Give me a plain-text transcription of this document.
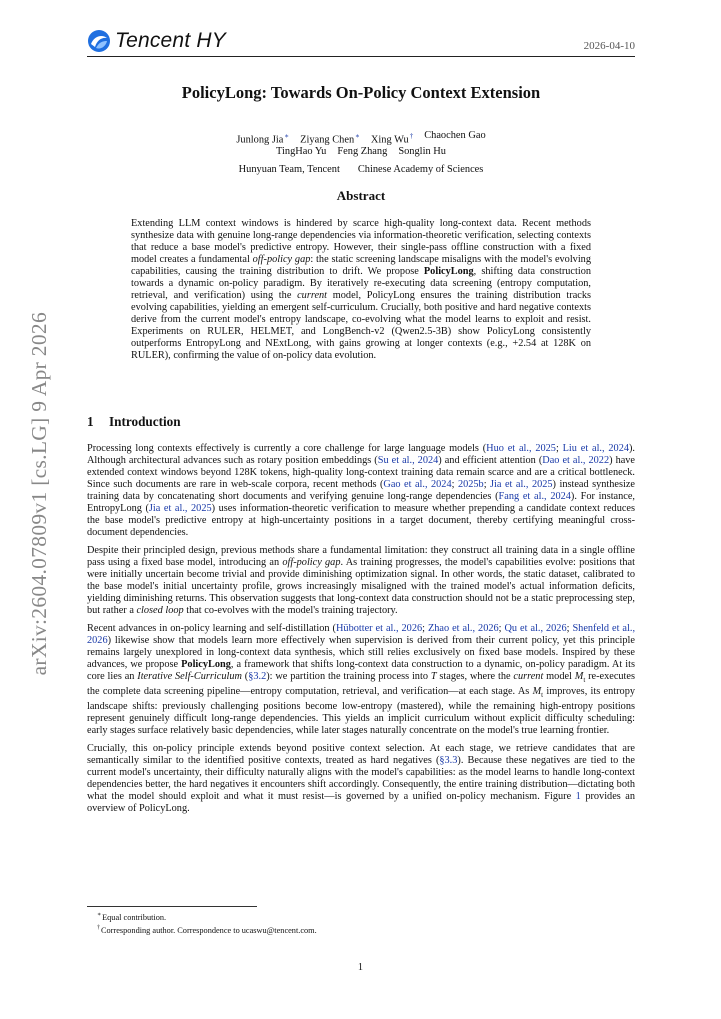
Tencent HY	2026-04-10
arXiv:2604.07809v1 [cs.LG] 9 Apr 2026
PolicyLong: Towards On-Policy Context Extension
Junlong Jia∗ Ziyang Chen∗ Xing Wu† Chaochen Gao
TingHao Yu Feng Zhang Songlin Hu
Hunyuan Team, Tencent Chinese Academy of Sciences
Abstract
Extending LLM context windows is hindered by scarce high-quality long-context data. Recent methods synthesize data with genuine long-range dependencies via information-theoretic verification, selecting contexts that reduce a base model's predictive entropy. However, their single-pass offline construction with a fixed model creates a fundamental off-policy gap: the static screening landscape misaligns with the model's evolving capabilities, causing the training distribution to drift. We propose PolicyLong, shifting data construction towards a dynamic on-policy paradigm. By iteratively re-executing data screening (entropy computation, retrieval, and verification) using the current model, PolicyLong ensures the training distribution tracks evolving capabilities, yielding an emergent self-curriculum. Crucially, both positive and hard negative contexts derive from the current model's entropy landscape, co-evolving what the model learns to exploit and resist. Experiments on RULER, HELMET, and LongBench-v2 (Qwen2.5-3B) show PolicyLong consistently outperforms EntropyLong and NExtLong, with gains growing at longer contexts (e.g., +2.54 at 128K on RULER), confirming the value of on-policy data evolution.
1 Introduction

Processing long contexts effectively is currently a core challenge for large language models (Huo et al., 2025; Liu et al., 2024). Although architectural advances such as rotary position embeddings (Su et al., 2024) and efficient attention (Dao et al., 2022) have extended context windows beyond 128K tokens, high-quality long-context training data remain scarce and are a critical bottleneck. Since such documents are rare in web-scale corpora, recent methods (Gao et al., 2024; 2025b; Jia et al., 2025) instead synthesize training data by concatenating short documents and verifying genuine long-range dependencies (Fang et al., 2024). For instance, EntropyLong (Jia et al., 2025) uses information-theoretic verification to measure whether prepending a candidate context reduces the base model's predictive entropy at high-uncertainty positions in a target document, thereby certifying meaningful cross-document dependencies.

Despite their principled design, previous methods share a fundamental limitation: they construct all training data in a single offline pass using a fixed base model, introducing an off-policy gap. As training progresses, the model's capabilities evolve: positions that were initially uncertain become trivial and provide diminishing optimization signal. In other words, the static dataset, calibrated to the base model's initial uncertainty profile, grows increasingly misaligned with the trained model's actual information deficits, yielding diminishing returns. This observation suggests that long-context data construction should not be a static preprocessing step, but rather a closed loop that co-evolves with the model's training trajectory.

Recent advances in on-policy learning and self-distillation (Hübotter et al., 2026; Zhao et al., 2026; Qu et al., 2026; Shenfeld et al., 2026) likewise show that models learn more effectively when supervision is derived from their current policy, yet this principle remains largely unexplored in long-context data synthesis, which still relies exclusively on fixed base models. Inspired by these advances, we propose PolicyLong, a framework that shifts long-context data construction to a dynamic, on-policy paradigm. At its core lies an Iterative Self-Curriculum (§3.2): we partition the training process into T stages, where the current model $M_t$ re-executes the complete data screening pipeline—entropy computation, retrieval, and verification—at each stage. As $M_t$ improves, its entropy landscape shifts: previously challenging positions become low-entropy (mastered), while the remaining high-entropy positions represent genuinely difficult long-range dependencies. This yields an implicit curriculum without explicit difficulty scheduling: early stages surface relatively basic dependencies, while later stages naturally concentrate on the model's true learning frontier.

Crucially, this on-policy principle extends beyond positive context selection. At each stage, we retrieve candidates that are semantically similar to the identified positive contexts, treated as hard negatives (§3.3). Because these negatives are tied to the current model's uncertainty, their difficulty naturally aligns with the model's capabilities: as the model learns to handle long-context dependencies better, the hard negatives it encounters shift accordingly. Consequently, the entire training distribution—dictating both what the model should exploit and what it must resist—is governed by a unified on-policy mechanism. Figure 1 provides an overview of PolicyLong.

∗Equal contribution.
†Corresponding author. Correspondence to ucaswu@tencent.com.
1
